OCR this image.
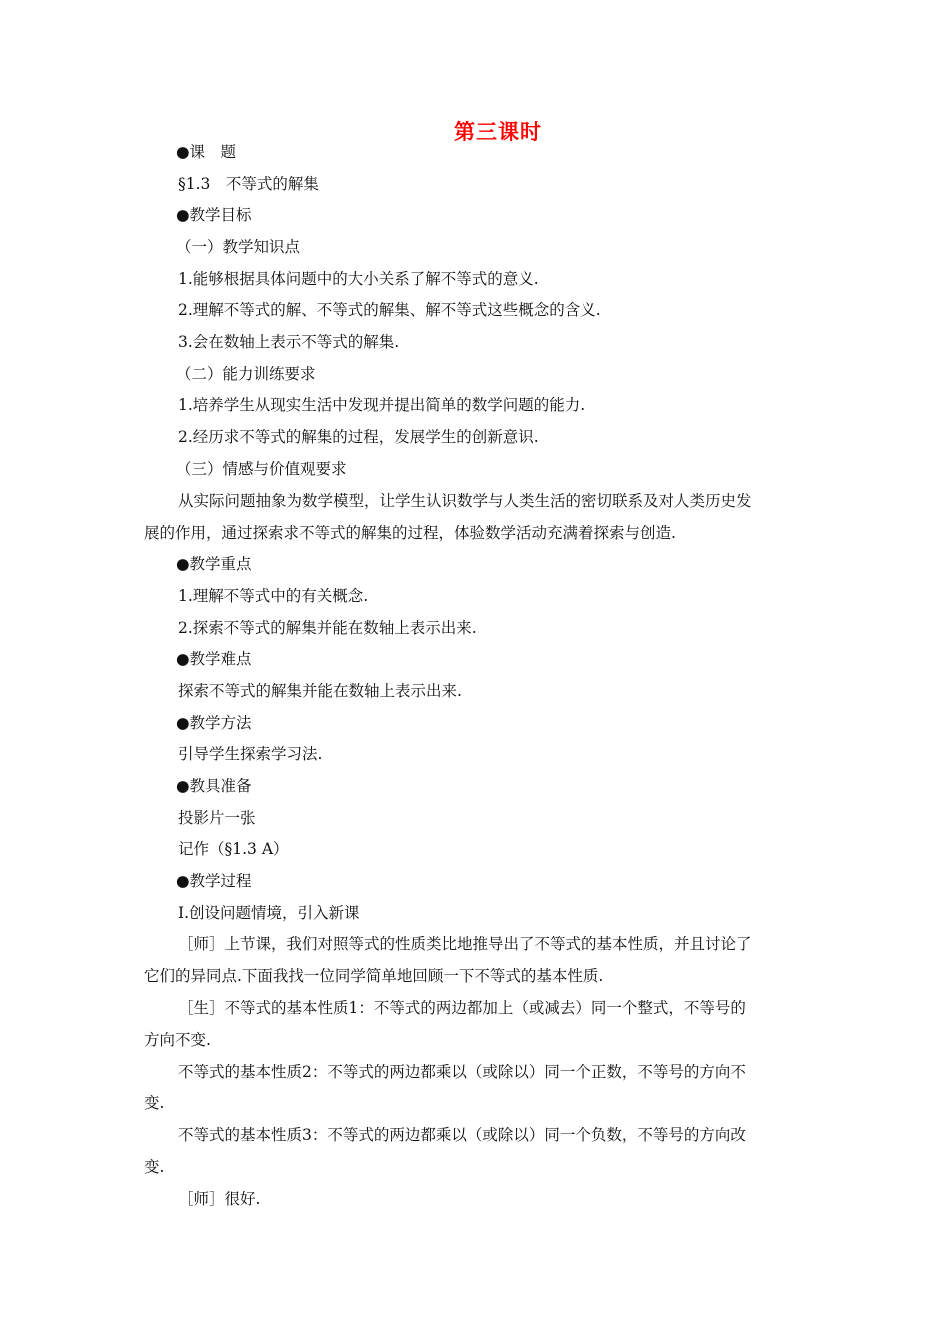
第三课时
●课　题
§1.3　不等式的解集
●教学目标
（一）教学知识点
1.能够根据具体问题中的大小关系了解不等式的意义.
2.理解不等式的解、不等式的解集、解不等式这些概念的含义.
3.会在数轴上表示不等式的解集.
（二）能力训练要求
1.培养学生从现实生活中发现并提出简单的数学问题的能力.
2.经历求不等式的解集的过程，发展学生的创新意识.
（三）情感与价值观要求
从实际问题抽象为数学模型，让学生认识数学与人类生活的密切联系及对人类历史发
展的作用，通过探索求不等式的解集的过程，体验数学活动充满着探索与创造.
●教学重点
1.理解不等式中的有关概念.
2.探索不等式的解集并能在数轴上表示出来.
●教学难点
探索不等式的解集并能在数轴上表示出来.
●教学方法
引导学生探索学习法.
●教具准备
投影片一张
记作（§1.3 A）
●教学过程
Ⅰ.创设问题情境，引入新课
［师］上节课，我们对照等式的性质类比地推导出了不等式的基本性质，并且讨论了
它们的异同点.下面我找一位同学简单地回顾一下不等式的基本性质.
［生］不等式的基本性质1：不等式的两边都加上（或减去）同一个整式，不等号的
方向不变.
不等式的基本性质2：不等式的两边都乘以（或除以）同一个正数，不等号的方向不
变.
不等式的基本性质3：不等式的两边都乘以（或除以）同一个负数，不等号的方向改
变.
［师］很好.
